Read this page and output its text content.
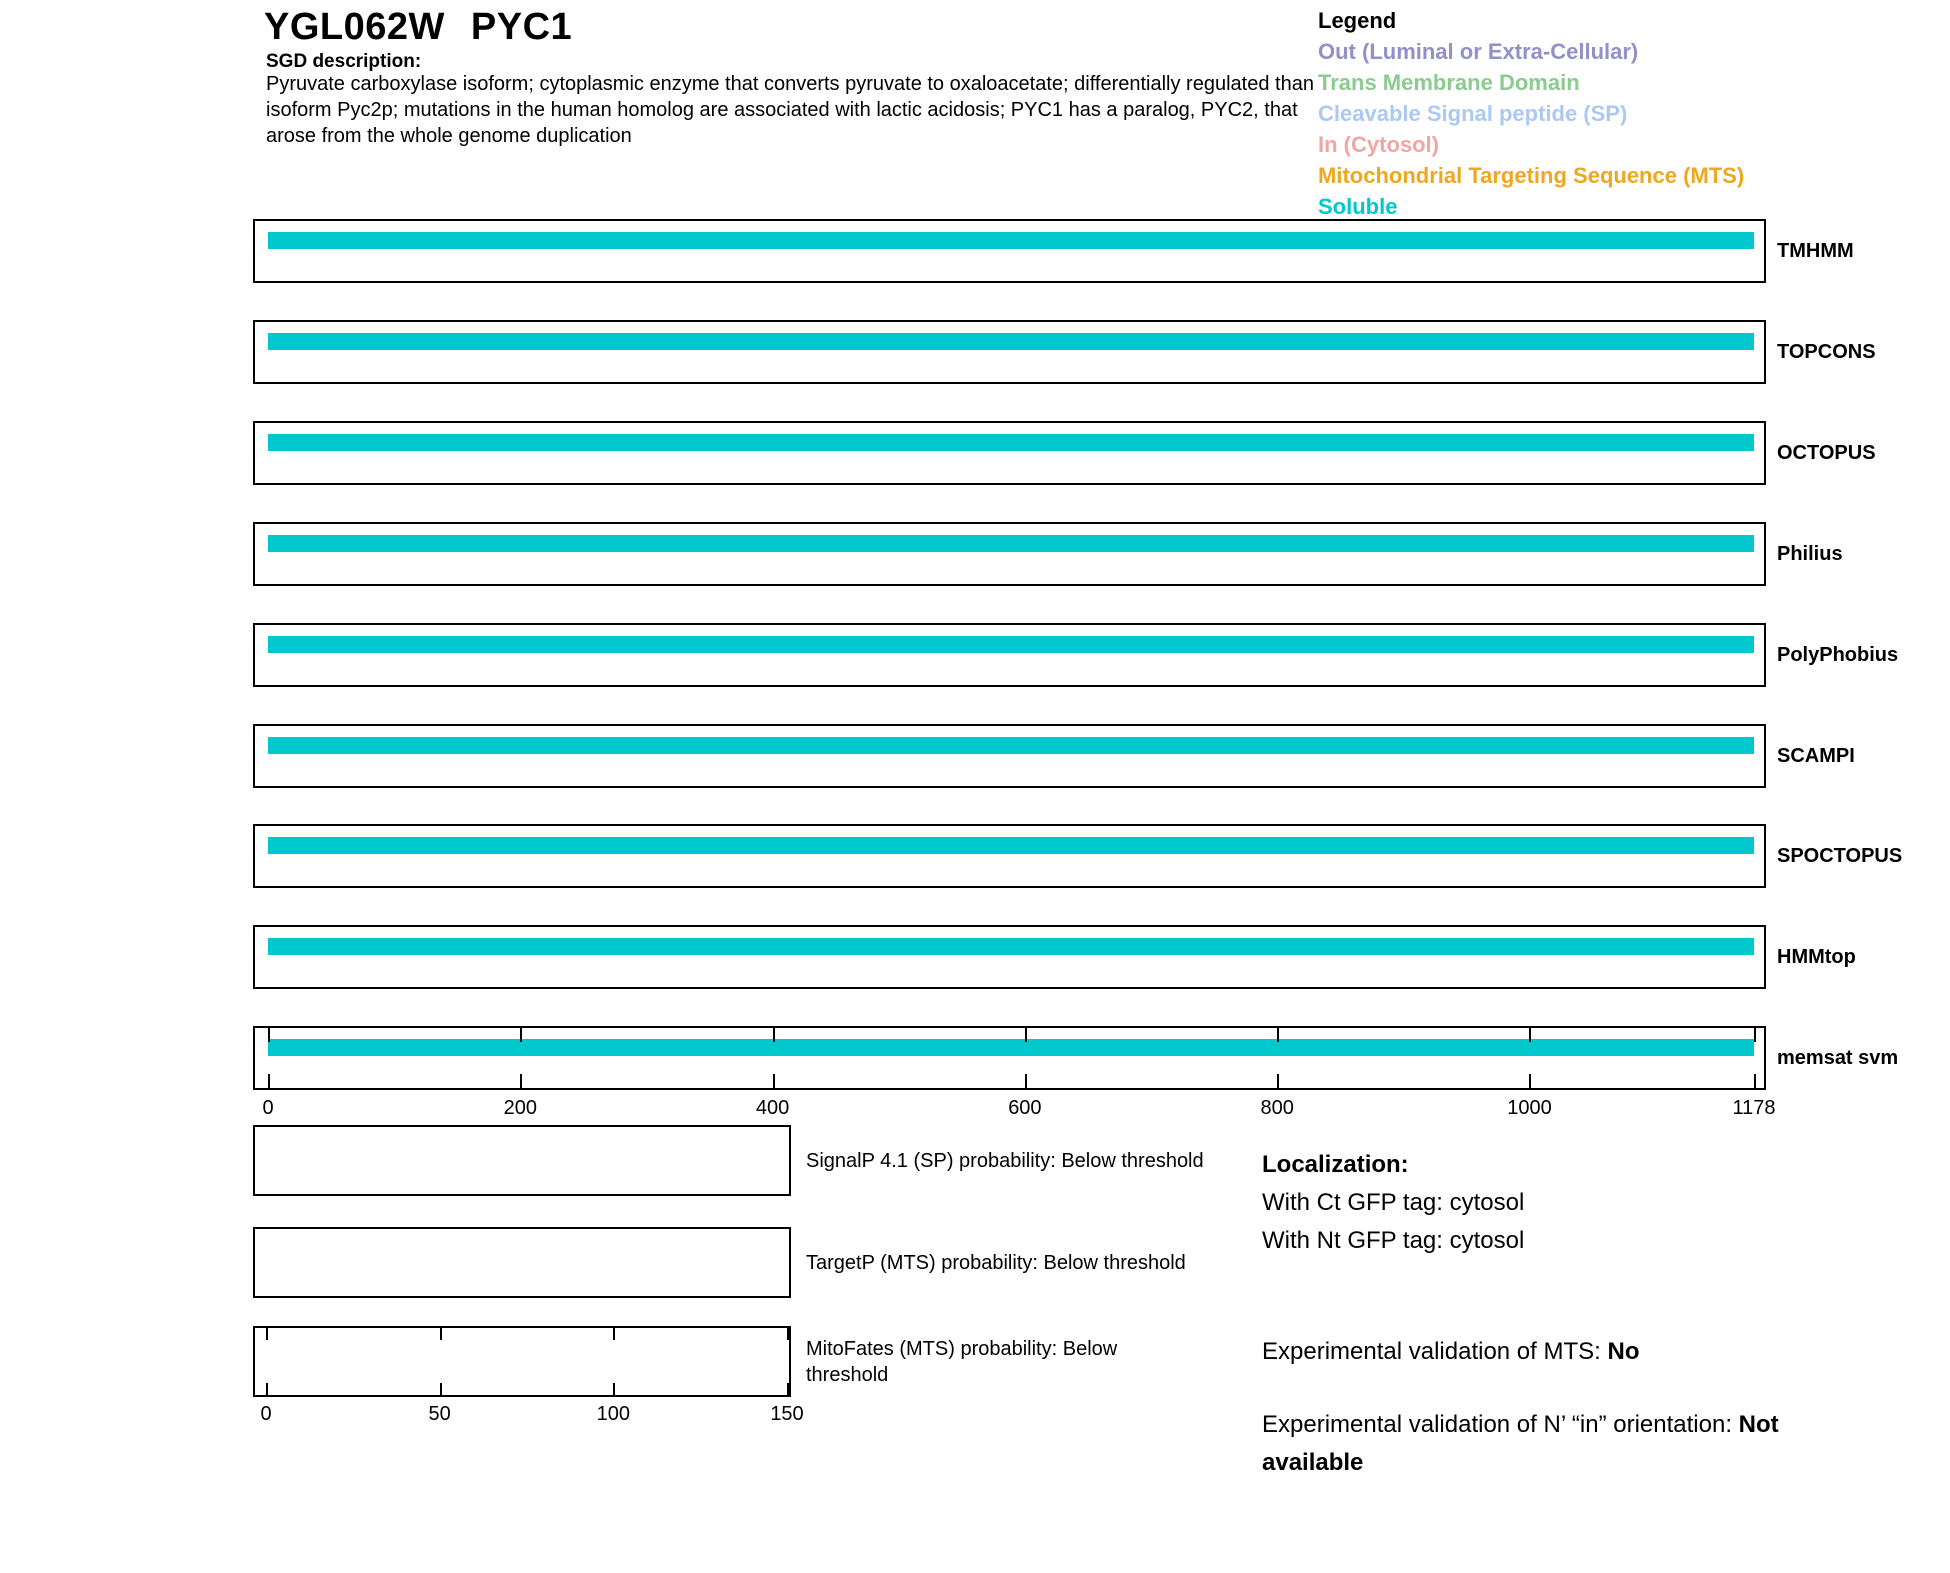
YGL062W PYC1
SGD description:
Pyruvate carboxylase isoform; cytoplasmic enzyme that converts pyruvate to oxaloacetate; differentially regulated than isoform Pyc2p; mutations in the human homolog are associated with lactic acidosis; PYC1 has a paralog, PYC2, that arose from the whole genome duplication
Legend
Out (Luminal or Extra-Cellular)
Trans Membrane Domain
Cleavable Signal peptide (SP)
In (Cytosol)
Mitochondrial Targeting Sequence (MTS)
Soluble
TMHMM
TOPCONS
OCTOPUS
Philius
PolyPhobius
SCAMPI
SPOCTOPUS
HMMtop
memsat svm
0	200	400	600	800	1000	1178
SignalP 4.1 (SP) probability: Below threshold
TargetP (MTS) probability: Below threshold
MitoFates (MTS) probability: Below threshold
0	50	100	150

Localization:

With Ct GFP tag: cytosol

With Nt GFP tag: cytosol

Experimental validation of MTS: No

Experimental validation of N’ “in” orientation: Not available
